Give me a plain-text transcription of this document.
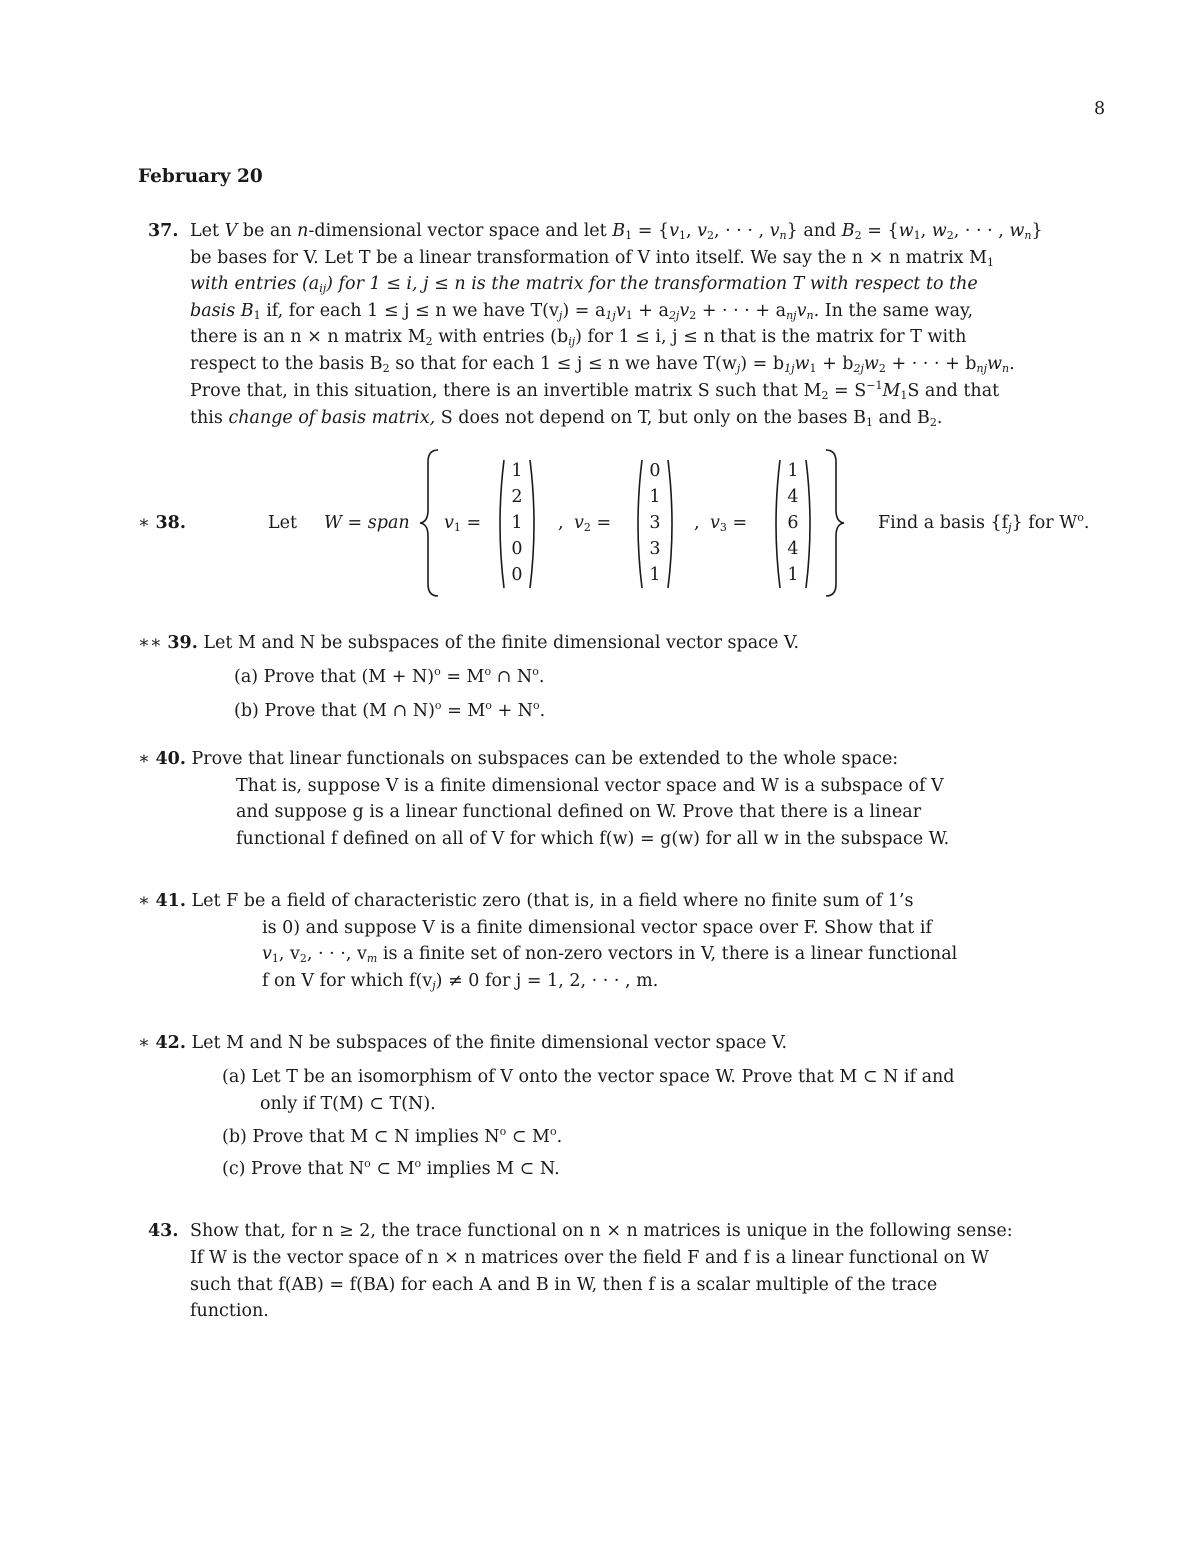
8
February 20
37. Let V be an n-dimensional vector space and let $B_1 = \{v_1$, $v_2$, · · · , $v_n$} and $B_2 = \{w_1$, $w_2$, · · · , $w_n$}
be bases for V. Let T be a linear transformation of V into itself. We say the n × n matrix $M_1$
with entries $(a_{ij})$ for 1 ≤ i, j ≤ n is the matrix for the transformation T with respect to the
basis $B_1$ if, for each 1 ≤ j ≤ n we have $T(v_j) = a_{1j}v_1 + a_{2j}v_2$ + · · · + $a_{nj}v_n$. In the same way,
there is an n × n matrix $M_2$ with entries $(b_{ij})$ for 1 ≤ i, j ≤ n that is the matrix for T with
respect to the basis $B_2$ so that for each 1 ≤ j ≤ n we have $T(w_j) = b_{1j}w_1 + b_{2j}w_2$ + · · · + $b_{nj}w_n$.
Prove that, in this situation, there is an invertible matrix S such that $M_2 = S^{-1}M_1S$ and that
this change of basis matrix, S does not depend on T, but only on the bases $B_1$ and $B_2$.
∗ 38.	Let W = span $v_1$ =
1
2
1
0
0
, $v_2$ =
0
1
3
3
1
, $v_3$ =
1
4
6
4
1
Find a basis $\{f_j\}$ for $W^o$.
∗∗ 39. Let M and N be subspaces of the finite dimensional vector space V.
(a) Prove that $(M + N)^o = M^o$ ∩ $N^o$.
(b) Prove that (M ∩ $N)^o = M^o + N^o$.
∗ 40. Prove that linear functionals on subspaces can be extended to the whole space:
That is, suppose V is a finite dimensional vector space and W is a subspace of V
and suppose g is a linear functional defined on W. Prove that there is a linear
functional f defined on all of V for which f(w) = g(w) for all w in the subspace W.
∗ 41. Let F be a field of characteristic zero (that is, in a field where no finite sum of 1’s
is 0) and suppose V is a finite dimensional vector space over F. Show that if
$v_1$, $v_2$, · · ·, $v_m$ is a finite set of non-zero vectors in V, there is a linear functional
f on V for which $f(v_j) \ne 0$ for j = 1, 2, · · · , m.
∗ 42. Let M and N be subspaces of the finite dimensional vector space V.
(a) Let T be an isomorphism of V onto the vector space W. Prove that M ⊂ N if and
only if T(M) ⊂ T(N).
(b) Prove that M ⊂ N implies $N^o$ ⊂ $M^o$.
(c) Prove that $N^o$ ⊂ $M^o$ implies M ⊂ N.
43. Show that, for n ≥ 2, the trace functional on n × n matrices is unique in the following sense:
If W is the vector space of n × n matrices over the field F and f is a linear functional on W
such that f(AB) = f(BA) for each A and B in W, then f is a scalar multiple of the trace
function.
